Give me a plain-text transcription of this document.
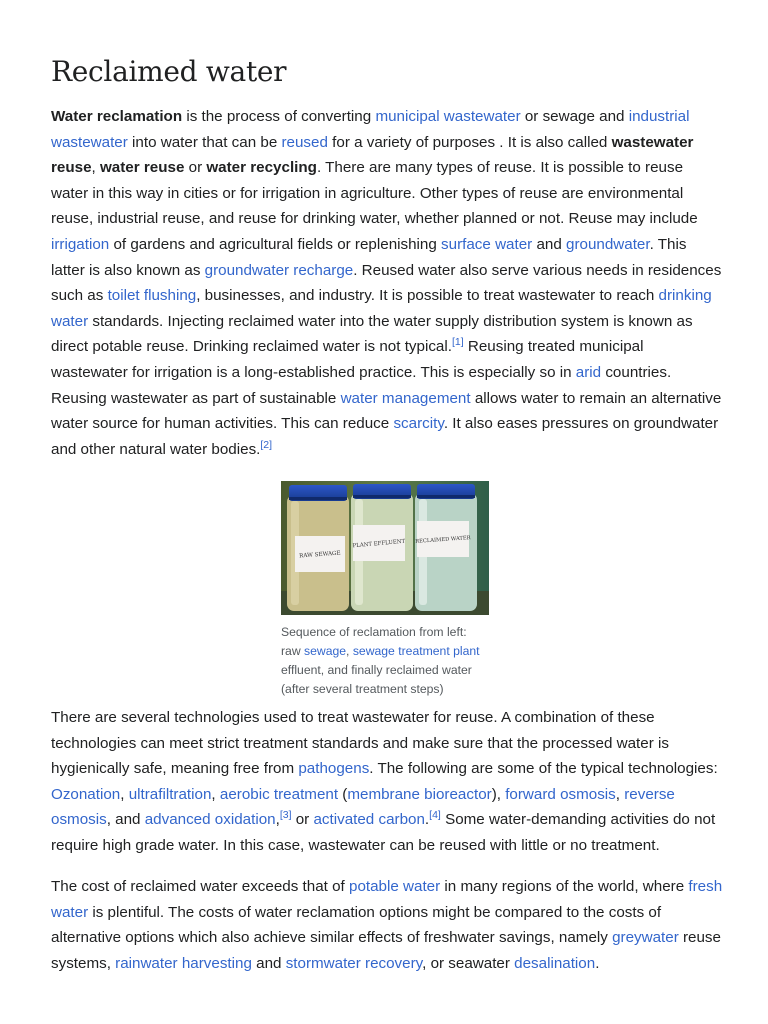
Reclaimed water

Water reclamation is the process of converting municipal wastewater or sewage and industrial wastewater into water that can be reused for a variety of purposes . It is also called wastewater reuse, water reuse or water recycling. There are many types of reuse. It is possible to reuse water in this way in cities or for irrigation in agriculture. Other types of reuse are environmental reuse, industrial reuse, and reuse for drinking water, whether planned or not. Reuse may include irrigation of gardens and agricultural fields or replenishing surface water and groundwater. This latter is also known as groundwater recharge. Reused water also serve various needs in residences such as toilet flushing, businesses, and industry. It is possible to treat wastewater to reach drinking water standards. Injecting reclaimed water into the water supply distribution system is known as direct potable reuse. Drinking reclaimed water is not typical.[1] Reusing treated municipal wastewater for irrigation is a long-established practice. This is especially so in arid countries. Reusing wastewater as part of sustainable water management allows water to remain an alternative water source for human activities. This can reduce scarcity. It also eases pressures on groundwater and other natural water bodies.[2]

RAW SEWAGE
PLANT EFFLUENT RECLAIMED WATER
Sequence of reclamation from left: raw sewage, sewage treatment plant effluent, and finally reclaimed water (after several treatment steps)

There are several technologies used to treat wastewater for reuse. A combination of these technologies can meet strict treatment standards and make sure that the processed water is hygienically safe, meaning free from pathogens. The following are some of the typical technologies: Ozonation, ultrafiltration, aerobic treatment (membrane bioreactor), forward osmosis, reverse osmosis, and advanced oxidation,[3] or activated carbon.[4] Some water-demanding activities do not require high grade water. In this case, wastewater can be reused with little or no treatment.

The cost of reclaimed water exceeds that of potable water in many regions of the world, where fresh water is plentiful. The costs of water reclamation options might be compared to the costs of alternative options which also achieve similar effects of freshwater savings, namely greywater reuse systems, rainwater harvesting and stormwater recovery, or seawater desalination.
